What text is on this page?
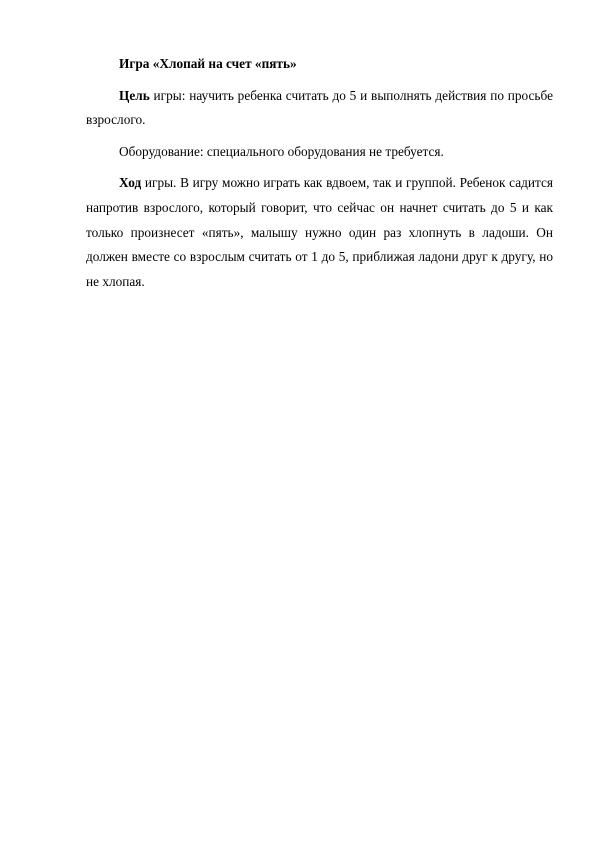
Игра «Хлопай на счет «пять»

Цель игры: научить ребенка считать до 5 и выполнять действия по просьбе взрослого.

Оборудование: специального оборудования не требуется.

Ход игры. В игру можно играть как вдвоем, так и группой. Ребенок садится напротив взрослого, который говорит, что сейчас он начнет считать до 5 и как только произнесет «пять», малышу нужно один раз хлопнуть в ладоши. Он должен вместе со взрослым считать от 1 до 5, приближая ладони друг к другу, но не хлопая.
